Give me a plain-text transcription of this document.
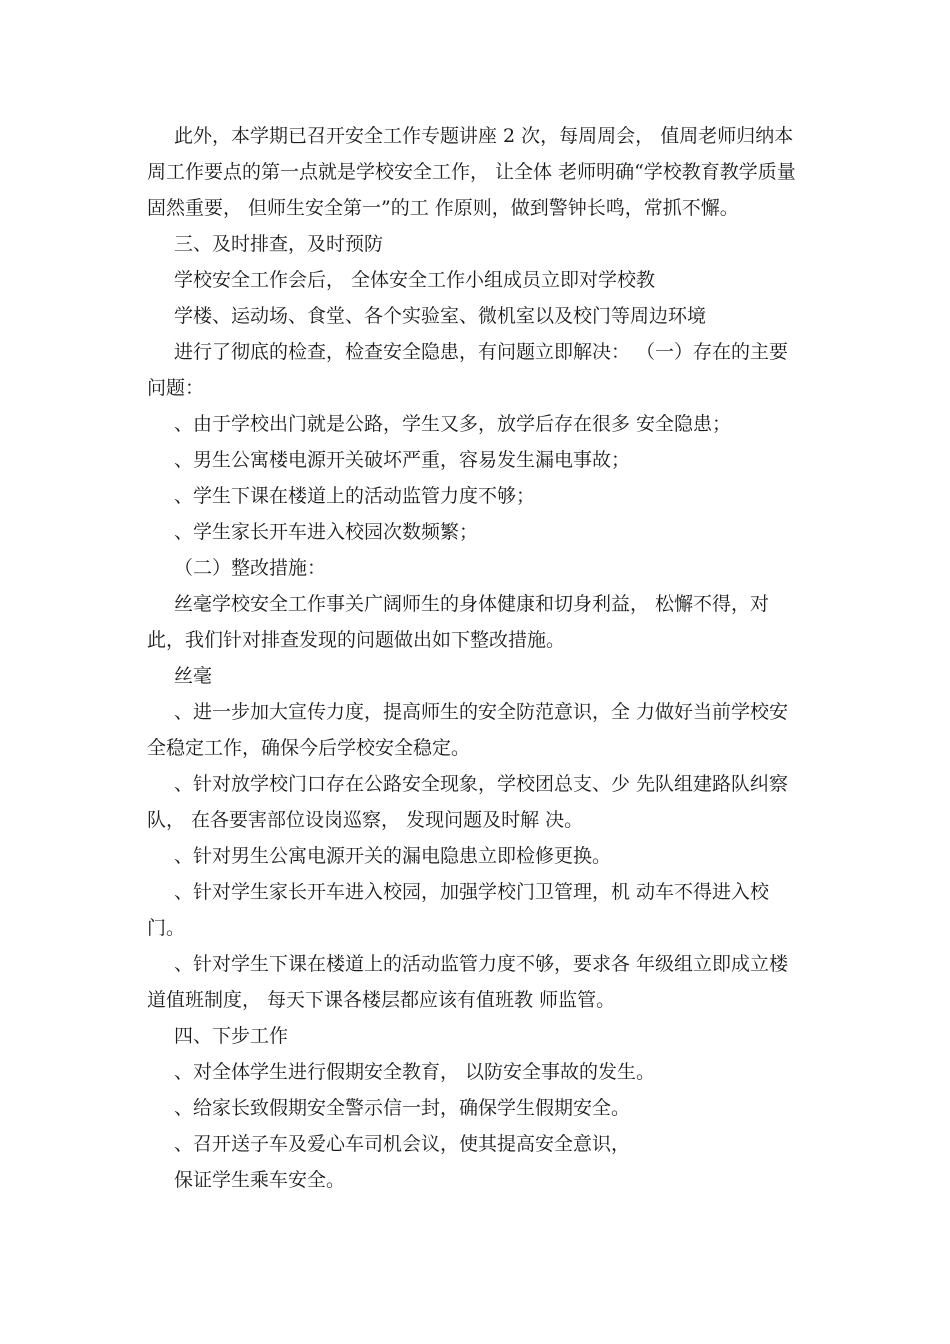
此外，本学期已召开安全工作专题讲座 2 次，每周周会， 值周老师归纳本周工作要点的第一点就是学校安全工作， 让全体 老师明确“学校教育教学质量固然重要， 但师生安全第一”的工 作原则，做到警钟长鸣，常抓不懈。

三、及时排查，及时预防

学校安全工作会后， 全体安全工作小组成员立即对学校教

学楼、运动场、食堂、各个实验室、微机室以及校门等周边环境

进行了彻底的检查，检查安全隐患，有问题立即解决： （一）存在的主要问题：

、由于学校出门就是公路，学生又多，放学后存在很多 安全隐患；

、男生公寓楼电源开关破坏严重，容易发生漏电事故；

、学生下课在楼道上的活动监管力度不够；

、学生家长开车进入校园次数频繁；

（二）整改措施：

丝毫学校安全工作事关广阔师生的身体健康和切身利益， 松懈不得，对此，我们针对排查发现的问题做出如下整改措施。

丝毫

、进一步加大宣传力度，提高师生的安全防范意识，全 力做好当前学校安全稳定工作，确保今后学校安全稳定。

、针对放学校门口存在公路安全现象，学校团总支、少 先队组建路队纠察队， 在各要害部位设岗巡察， 发现问题及时解 决。

、针对男生公寓电源开关的漏电隐患立即检修更换。

、针对学生家长开车进入校园，加强学校门卫管理，机 动车不得进入校门。

、针对学生下课在楼道上的活动监管力度不够，要求各 年级组立即成立楼道值班制度， 每天下课各楼层都应该有值班教 师监管。

四、下步工作

、对全体学生进行假期安全教育， 以防安全事故的发生。

、给家长致假期安全警示信一封，确保学生假期安全。

、召开送子车及爱心车司机会议，使其提高安全意识，

保证学生乘车安全。
